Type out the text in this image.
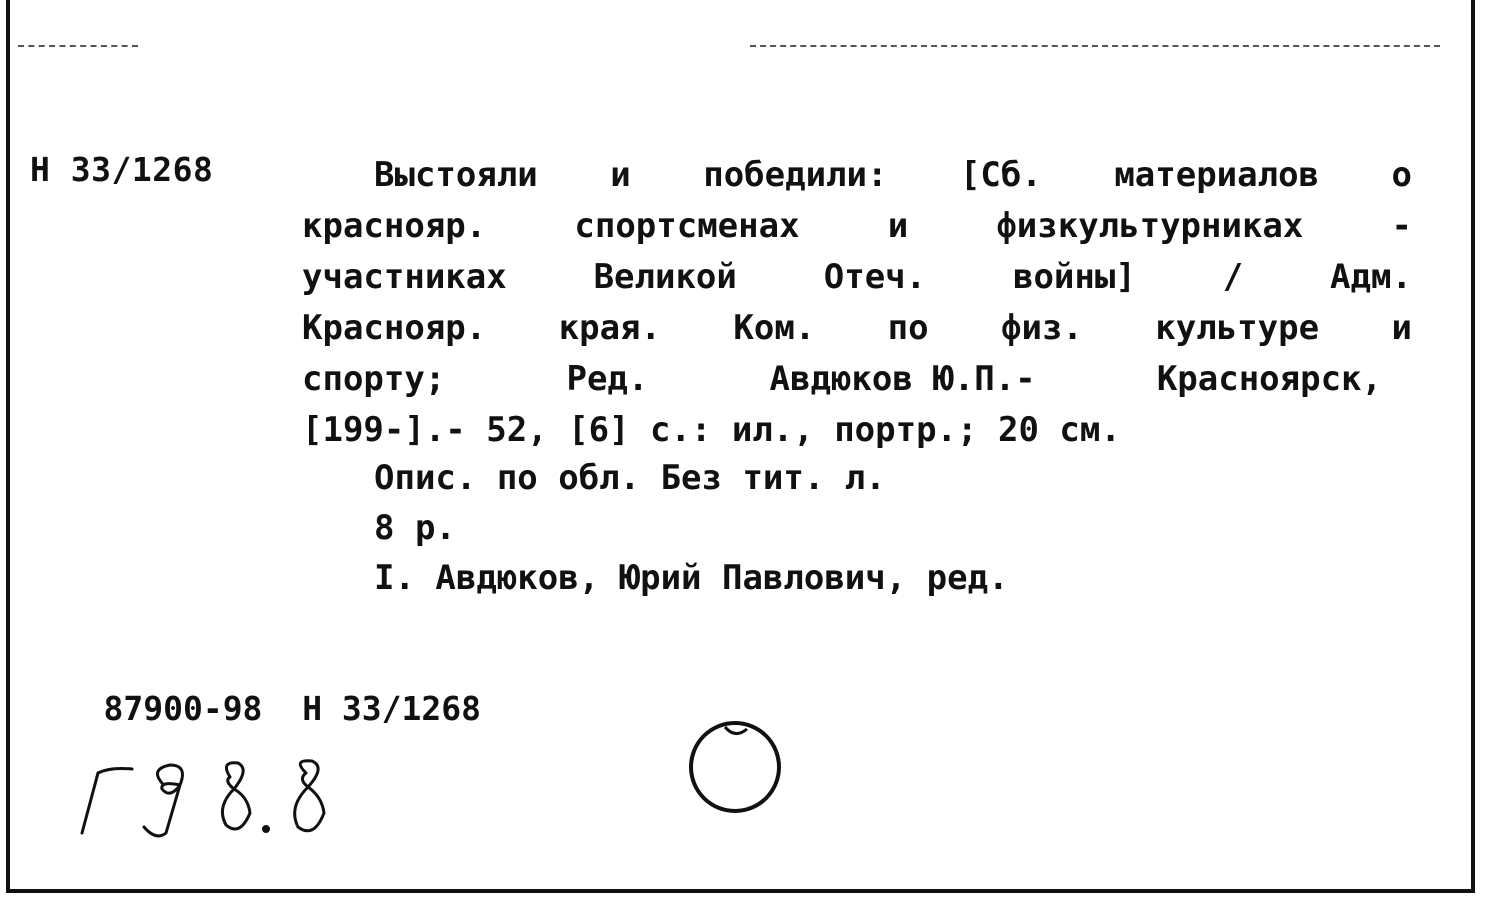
Н 33/1268	Выстояли и победили: [Сб. материалов о
краснояр.	спортсменах	и	физкультурниках	-
участниках	Великой	Отеч.	войны]	/	Адм.
Краснояр. края. Ком. по физ. культуре и
спорту;	Ред.	Авдюков Ю.П.-	Красноярск,
[199-].- 52, [6] с.: ил., портр.; 20 см.
Опис. по обл. Без тит. л.
8 р.
I. Авдюков, Юрий Павлович, ред.

87900-98 Н 33/1268
